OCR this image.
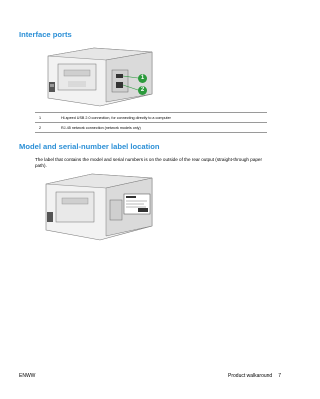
Interface ports
1
2
1	Hi-speed USB 2.0 connection, for connecting directly to a computer
2	RJ-45 network connection (network models only)
Model and serial-number label location
The label that contains the model and serial numbers is on the outside of the rear output (straight-through paper path).
ENWW	Product walkaround 7
